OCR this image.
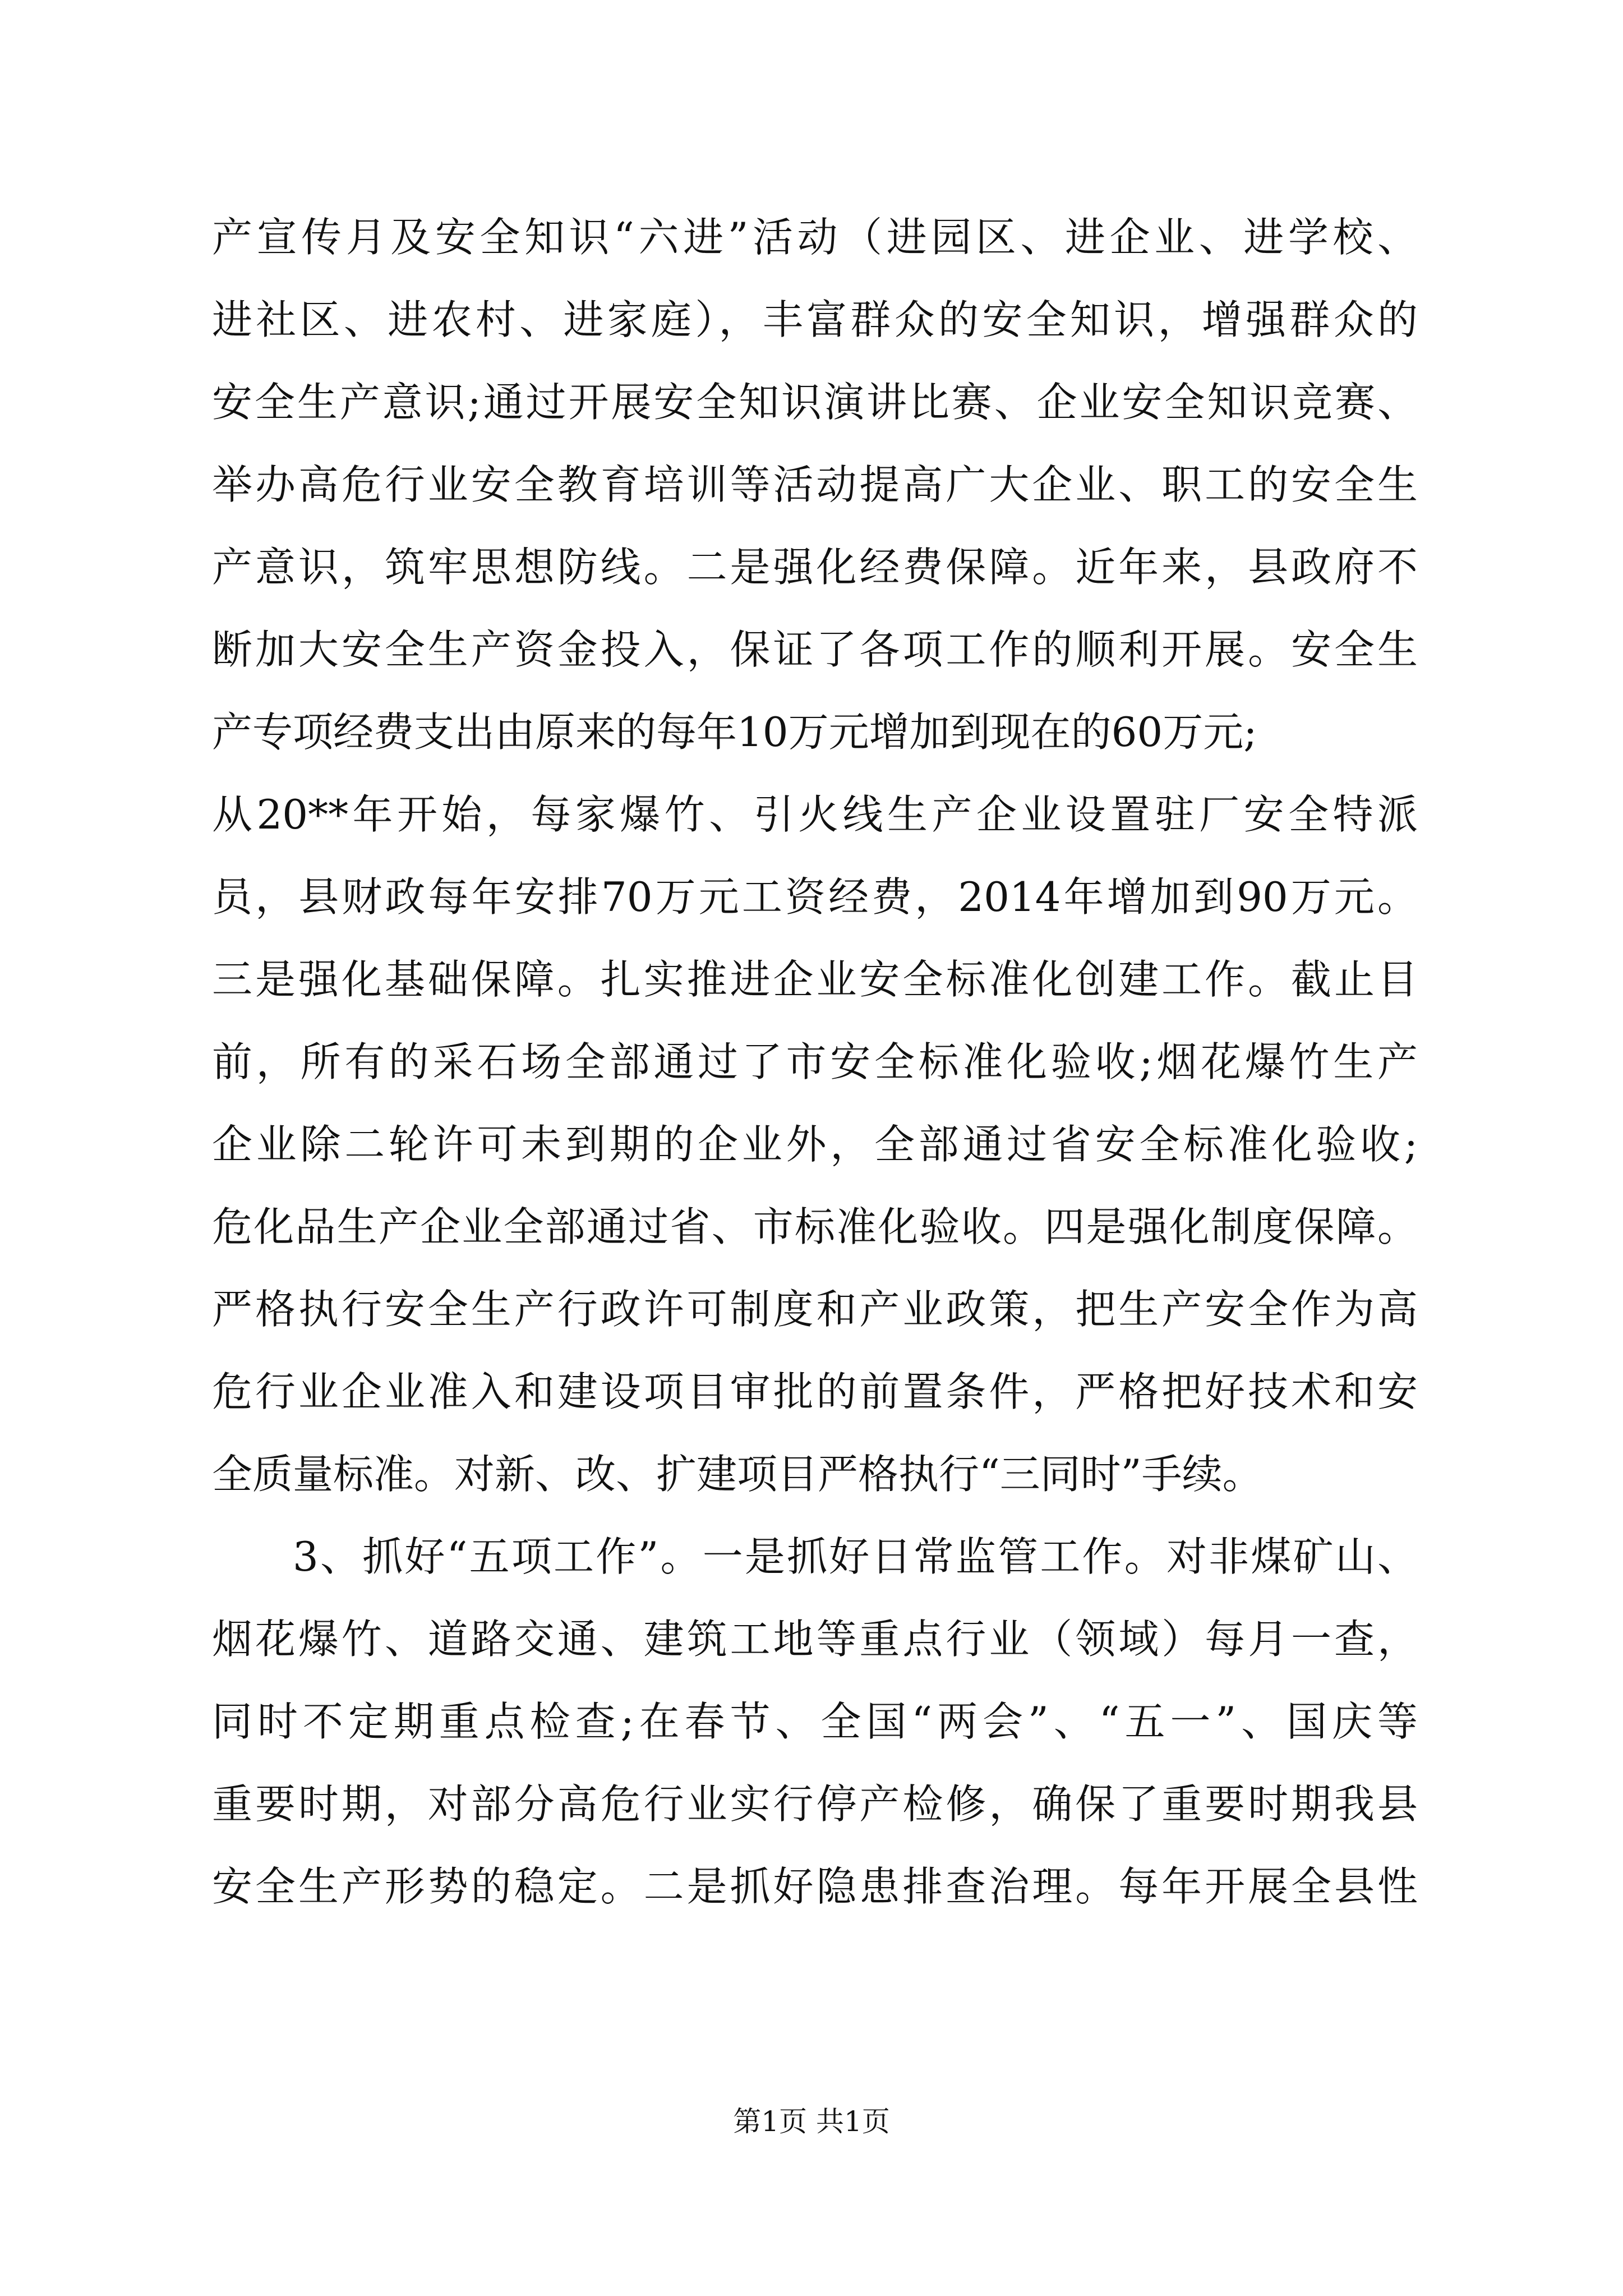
产宣传月及安全知识“六进”活动（进园区、进企业、进学校、
进社区、进农村、进家庭），丰富群众的安全知识，增强群众的
安全生产意识;通过开展安全知识演讲比赛、企业安全知识竞赛、
举办高危行业安全教育培训等活动提高广大企业、职工的安全生
产意识，筑牢思想防线。二是强化经费保障。近年来，县政府不
断加大安全生产资金投入，保证了各项工作的顺利开展。安全生
产专项经费支出由原来的每年10万元增加到现在的60万元;
从20**年开始，每家爆竹、引火线生产企业设置驻厂安全特派
员，县财政每年安排70万元工资经费，2014年增加到90万元。
三是强化基础保障。扎实推进企业安全标准化创建工作。截止目
前，所有的采石场全部通过了市安全标准化验收;烟花爆竹生产
企业除二轮许可未到期的企业外，全部通过省安全标准化验收;
危化品生产企业全部通过省、市标准化验收。四是强化制度保障。
严格执行安全生产行政许可制度和产业政策，把生产安全作为高
危行业企业准入和建设项目审批的前置条件，严格把好技术和安
全质量标准。对新、改、扩建项目严格执行“三同时”手续。
3、抓好“五项工作”。一是抓好日常监管工作。对非煤矿山、
烟花爆竹、道路交通、建筑工地等重点行业（领域）每月一查，
同时不定期重点检查;在春节、全国“两会”、“五一”、国庆等
重要时期，对部分高危行业实行停产检修，确保了重要时期我县
安全生产形势的稳定。二是抓好隐患排查治理。每年开展全县性
第1页 共1页
